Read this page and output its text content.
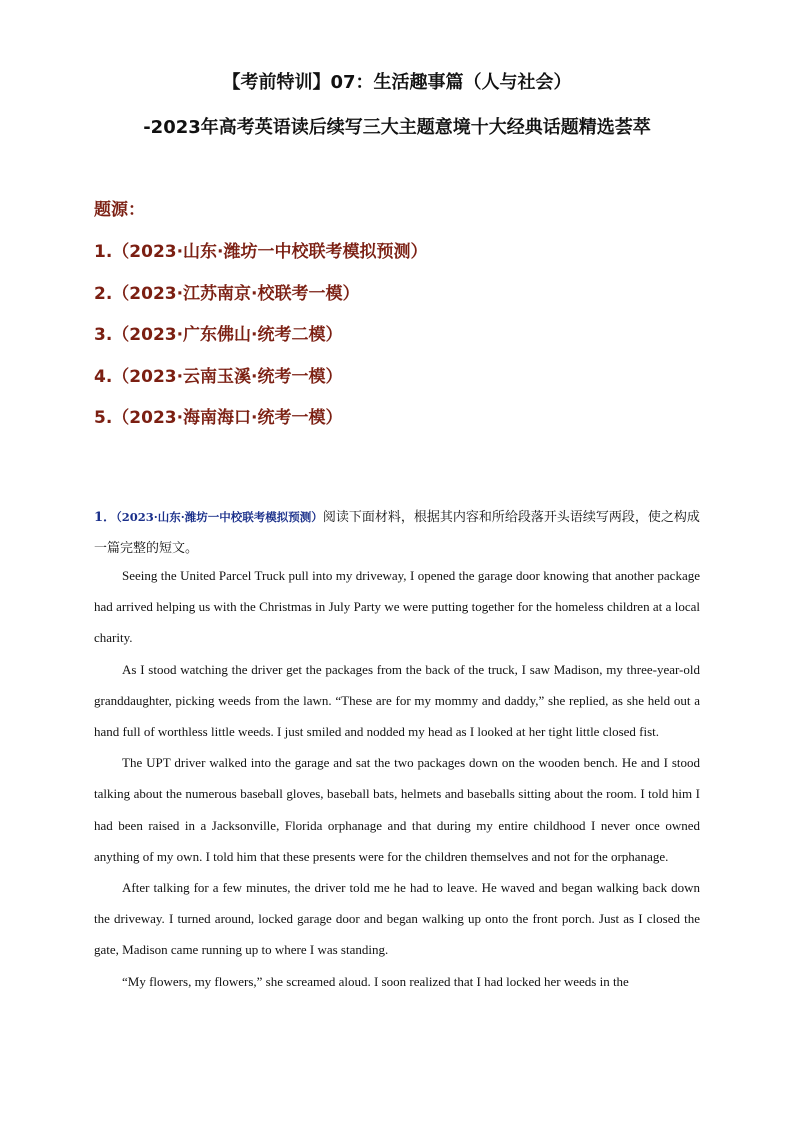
【考前特训】07：生活趣事篇（人与社会）
-2023年高考英语读后续写三大主题意境十大经典话题精选荟萃
题源：
1.（2023·山东·潍坊一中校联考模拟预测）
2.（2023·江苏南京·校联考一模）
3.（2023·广东佛山·统考二模）
4.（2023·云南玉溪·统考一模）
5.（2023·海南海口·统考一模）
1．（2023·山东·潍坊一中校联考模拟预测）阅读下面材料，根据其内容和所给段落开头语续写两段，使之构成一篇完整的短文。

Seeing the United Parcel Truck pull into my driveway, I opened the garage door knowing that another package had arrived helping us with the Christmas in July Party we were putting together for the homeless children at a local charity.

As I stood watching the driver get the packages from the back of the truck, I saw Madison, my three-year-old granddaughter, picking weeds from the lawn. “These are for my mommy and daddy,” she replied, as she held out a hand full of worthless little weeds. I just smiled and nodded my head as I looked at her tight little closed fist.

The UPT driver walked into the garage and sat the two packages down on the wooden bench. He and I stood talking about the numerous baseball gloves, baseball bats, helmets and baseballs sitting about the room. I told him I had been raised in a Jacksonville, Florida orphanage and that during my entire childhood I never once owned anything of my own. I told him that these presents were for the children themselves and not for the orphanage.

After talking for a few minutes, the driver told me he had to leave. He waved and began walking back down the driveway. I turned around, locked garage door and began walking up onto the front porch. Just as I closed the gate, Madison came running up to where I was standing.

“My flowers, my flowers,” she screamed aloud. I soon realized that I had locked her weeds in the
